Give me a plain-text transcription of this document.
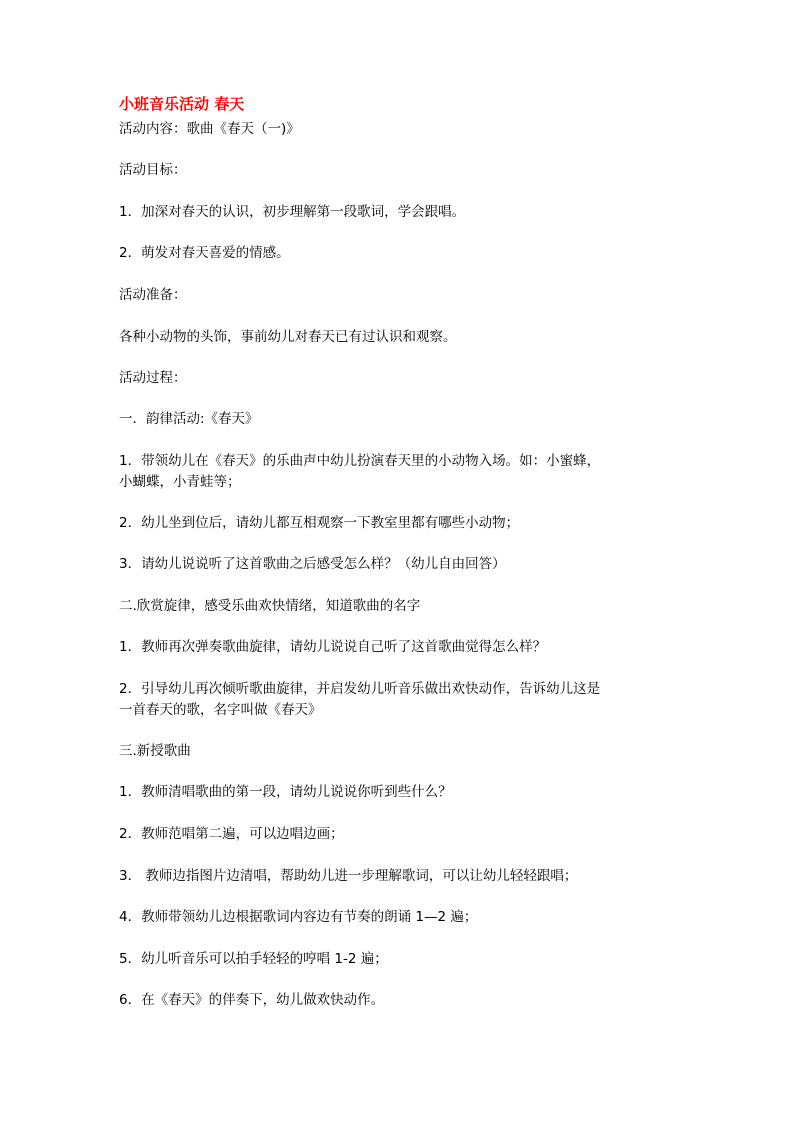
小班音乐活动 春天
活动内容：歌曲《春天（一)》
活动目标：
1．加深对春天的认识，初步理解第一段歌词，学会跟唱。
2．萌发对春天喜爱的情感。
活动准备：
各种小动物的头饰，事前幼儿对春天已有过认识和观察。
活动过程：
一．韵律活动:《春天》
1．带领幼儿在《春天》的乐曲声中幼儿扮演春天里的小动物入场。如：小蜜蜂，
小蝴蝶，小青蛙等；
2．幼儿坐到位后，请幼儿都互相观察一下教室里都有哪些小动物；
3．请幼儿说说听了这首歌曲之后感受怎么样？（幼儿自由回答）
二.欣赏旋律，感受乐曲欢快情绪，知道歌曲的名字
1．教师再次弹奏歌曲旋律，请幼儿说说自己听了这首歌曲觉得怎么样？
2．引导幼儿再次倾听歌曲旋律，并启发幼儿听音乐做出欢快动作，告诉幼儿这是
一首春天的歌，名字叫做《春天》
三.新授歌曲
1．教师清唱歌曲的第一段，请幼儿说说你听到些什么？
2．教师范唱第二遍，可以边唱边画；
3． 教师边指图片边清唱，帮助幼儿进一步理解歌词，可以让幼儿轻轻跟唱；
4．教师带领幼儿边根据歌词内容边有节奏的朗诵 1—2 遍；
5．幼儿听音乐可以拍手轻轻的哼唱 1-2 遍；
6．在《春天》的伴奏下，幼儿做欢快动作。
